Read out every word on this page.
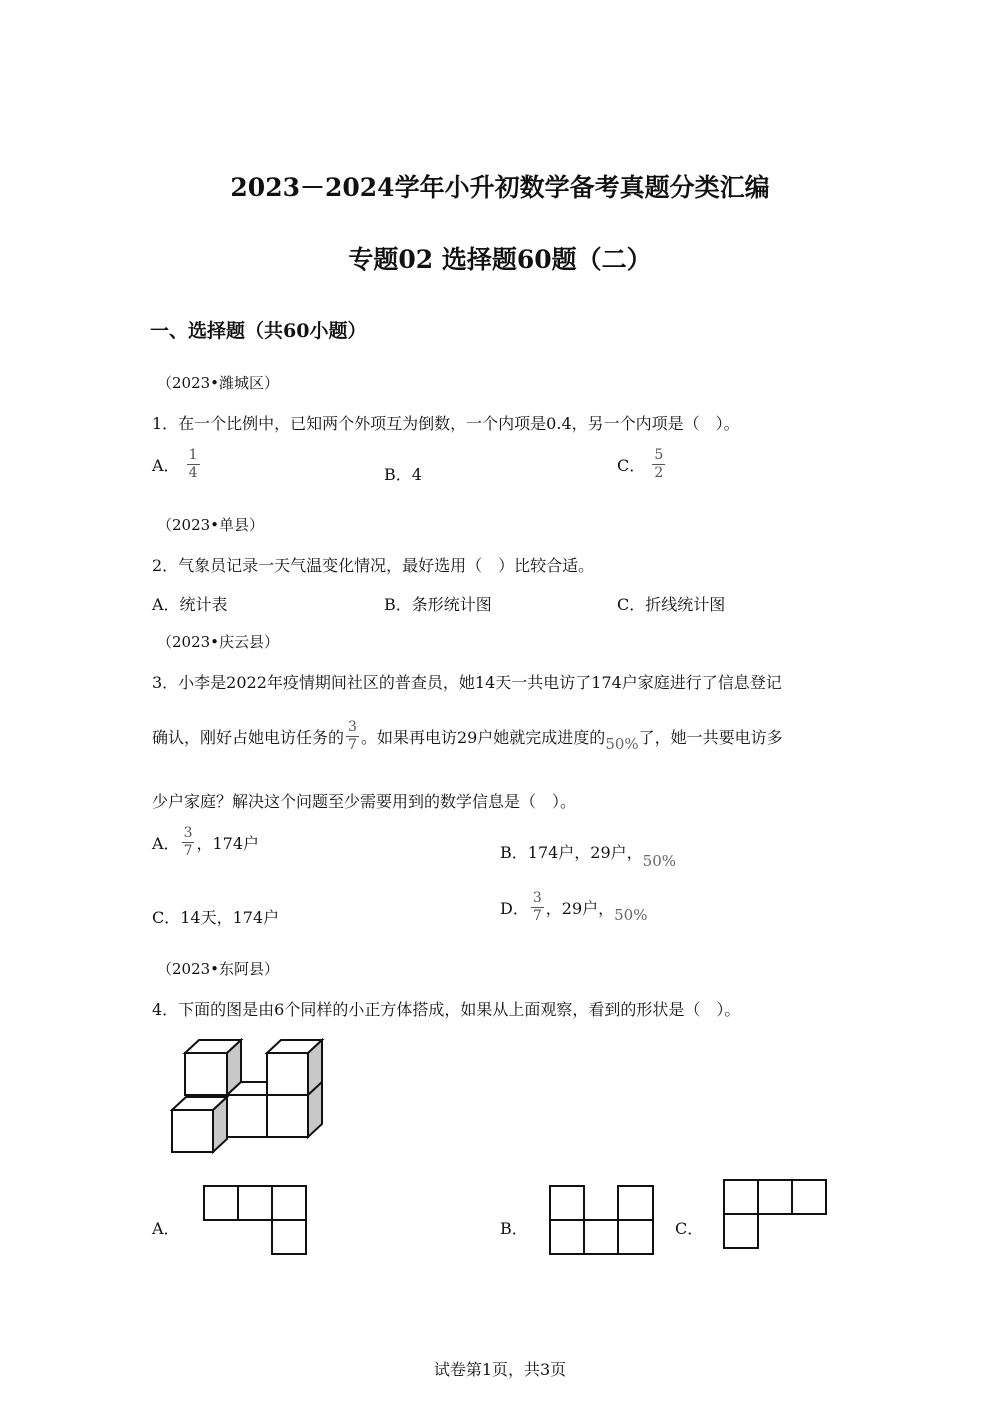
2023－2024学年小升初数学备考真题分类汇编
专题02 选择题60题（二）
一、选择题（共60小题）
（2023•潍城区）
1．在一个比例中，已知两个外项互为倒数，一个内项是0.4，另一个内项是（　）。
A． $\frac{1}{4}$	B．4	C． $\frac{5}{2}$
（2023•单县）
2．气象员记录一天气温变化情况，最好选用（　）比较合适。
A．统计表	B．条形统计图	C．折线统计图
（2023•庆云县）
3．小李是2022年疫情期间社区的普查员，她14天一共电访了174户家庭进行了信息登记
确认，刚好占她电访任务的 $\frac{3}{7}$ 。如果再电访29户她就完成进度的50%了，她一共要电访多
少户家庭？解决这个问题至少需要用到的数学信息是（　）。
A． $\frac{3}{7}$ ，174户	B．174户，29户，50%
C．14天，174户	D． $\frac{3}{7}$ ，29户，50%
（2023•东阿县）
4．下面的图是由6个同样的小正方体搭成，如果从上面观察，看到的形状是（　）。
A．	B．	C．
试卷第1页，共3页
